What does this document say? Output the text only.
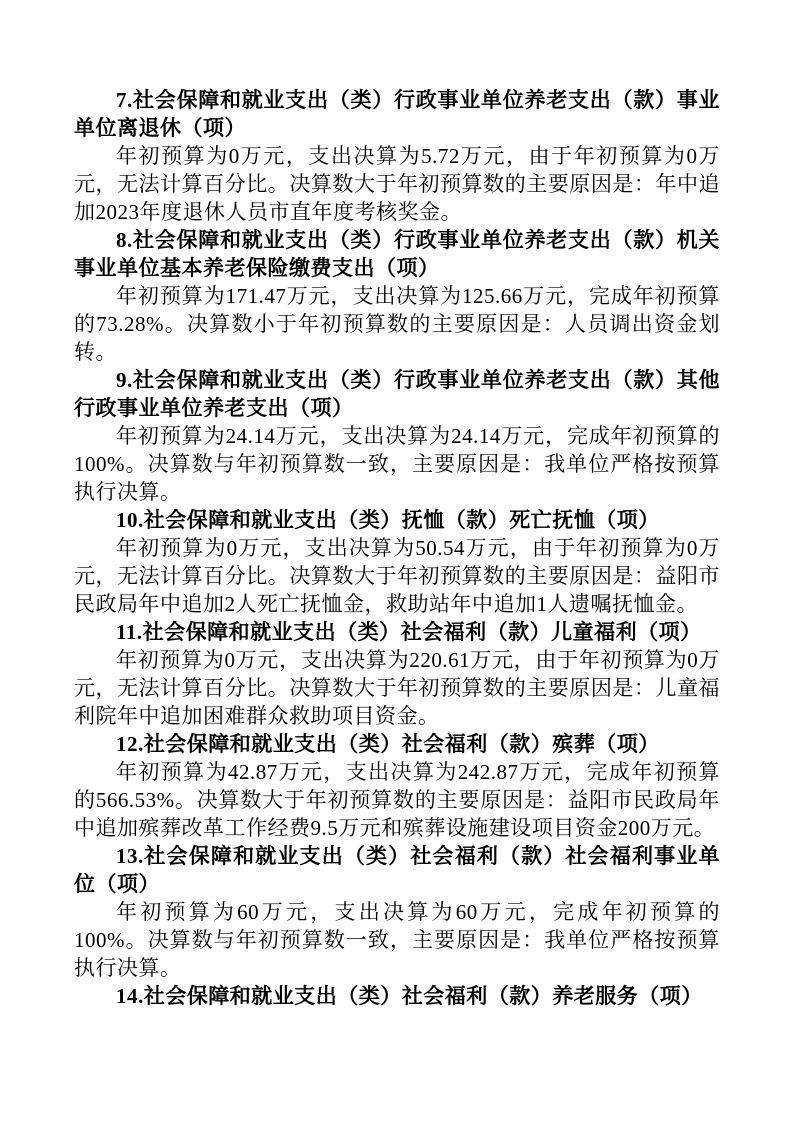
7.社会保障和就业支出（类）行政事业单位养老支出（款）事业单位离退休（项）

年初预算为0万元，支出决算为5.72万元，由于年初预算为0万元，无法计算百分比。决算数大于年初预算数的主要原因是：年中追加2023年度退休人员市直年度考核奖金。

8.社会保障和就业支出（类）行政事业单位养老支出（款）机关事业单位基本养老保险缴费支出（项）

年初预算为171.47万元，支出决算为125.66万元，完成年初预算的73.28%。决算数小于年初预算数的主要原因是：人员调出资金划转。

9.社会保障和就业支出（类）行政事业单位养老支出（款）其他行政事业单位养老支出（项）

年初预算为24.14万元，支出决算为24.14万元，完成年初预算的100%。决算数与年初预算数一致，主要原因是：我单位严格按预算执行决算。

10.社会保障和就业支出（类）抚恤（款）死亡抚恤（项）

年初预算为0万元，支出决算为50.54万元，由于年初预算为0万元，无法计算百分比。决算数大于年初预算数的主要原因是：益阳市民政局年中追加2人死亡抚恤金，救助站年中追加1人遗嘱抚恤金。

11.社会保障和就业支出（类）社会福利（款）儿童福利（项）

年初预算为0万元，支出决算为220.61万元，由于年初预算为0万元，无法计算百分比。决算数大于年初预算数的主要原因是：儿童福利院年中追加困难群众救助项目资金。

12.社会保障和就业支出（类）社会福利（款）殡葬（项）

年初预算为42.87万元，支出决算为242.87万元，完成年初预算的566.53%。决算数大于年初预算数的主要原因是：益阳市民政局年中追加殡葬改革工作经费9.5万元和殡葬设施建设项目资金200万元。

13.社会保障和就业支出（类）社会福利（款）社会福利事业单位（项）

年初预算为60万元，支出决算为60万元，完成年初预算的100%。决算数与年初预算数一致，主要原因是：我单位严格按预算执行决算。

14.社会保障和就业支出（类）社会福利（款）养老服务（项）
